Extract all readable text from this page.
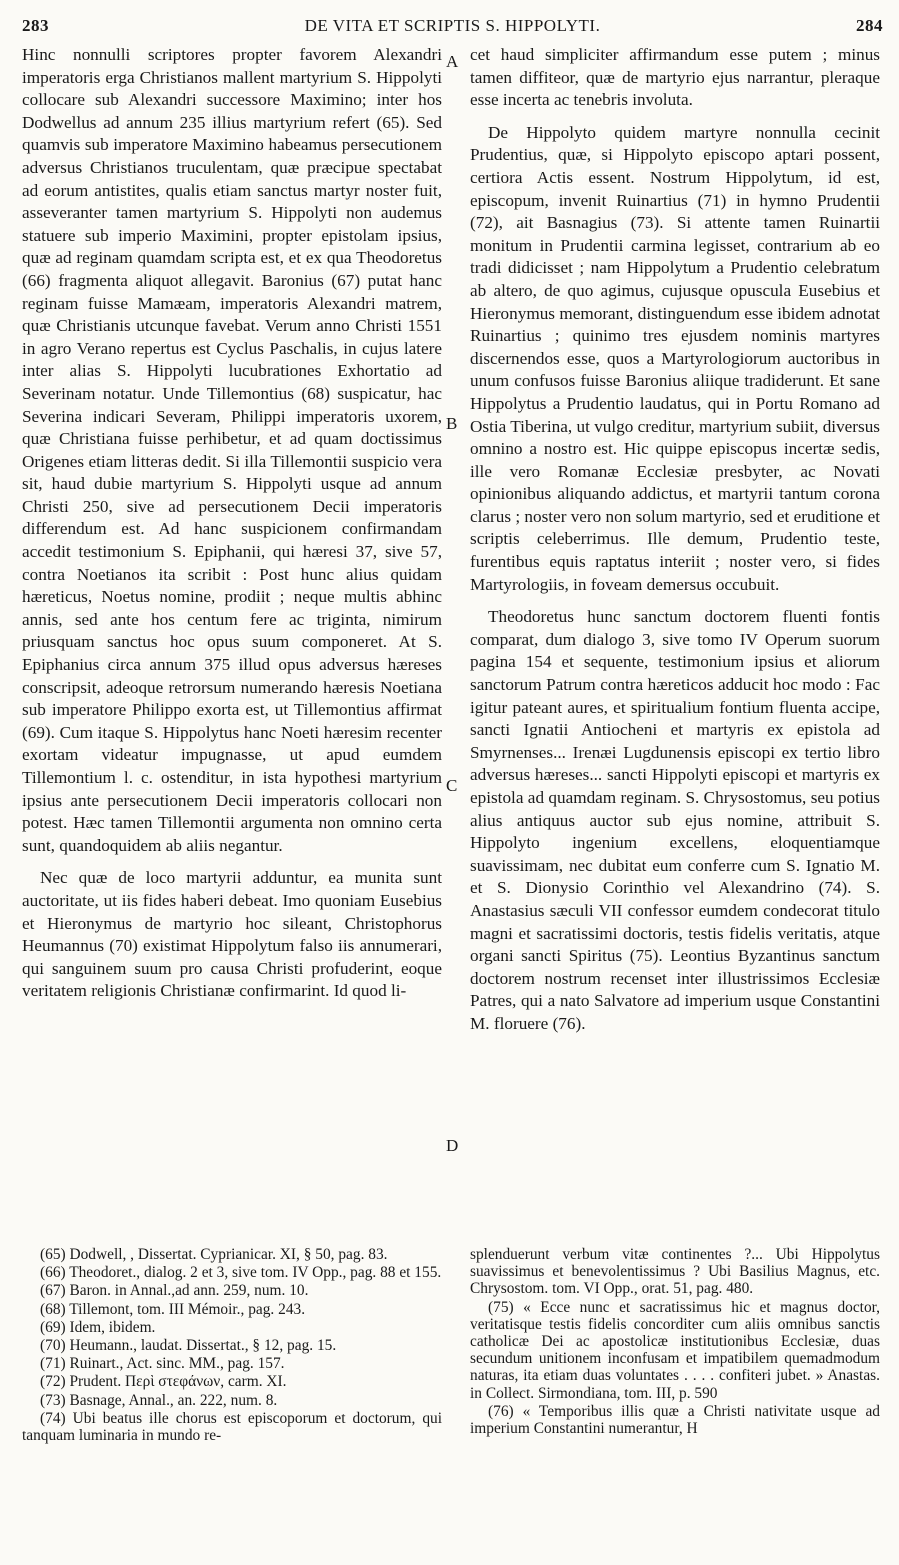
283	DE VITA ET SCRIPTIS S. HIPPOLYTI.	284

Hinc nonnulli scriptores propter favorem Alexandri imperatoris erga Christianos mallent martyrium S. Hippolyti collocare sub Alexandri successore Maximino; inter hos Dodwellus ad annum 235 illius martyrium refert (65). Sed quamvis sub imperatore Maximino habeamus persecutionem adversus Christianos truculentam, quæ præcipue spectabat ad eorum antistites, qualis etiam sanctus martyr noster fuit, asseveranter tamen martyrium S. Hippolyti non audemus statuere sub imperio Maximini, propter epistolam ipsius, quæ ad reginam quamdam scripta est, et ex qua Theodoretus (66) fragmenta aliquot allegavit. Baronius (67) putat hanc reginam fuisse Mamæam, imperatoris Alexandri matrem, quæ Christianis utcunque favebat. Verum anno Christi 1551 in agro Verano repertus est Cyclus Paschalis, in cujus latere inter alias S. Hippolyti lucubrationes Exhortatio ad Severinam notatur. Unde Tillemontius (68) suspicatur, hac Severina indicari Severam, Philippi imperatoris uxorem, quæ Christiana fuisse perhibetur, et ad quam doctissimus Origenes etiam litteras dedit. Si illa Tillemontii suspicio vera sit, haud dubie martyrium S. Hippolyti usque ad annum Christi 250, sive ad persecutionem Decii imperatoris differendum est. Ad hanc suspicionem confirmandam accedit testimonium S. Epiphanii, qui hæresi 37, sive 57, contra Noetianos ita scribit : Post hunc alius quidam hæreticus, Noetus nomine, prodiit ; neque multis abhinc annis, sed ante hos centum fere ac triginta, nimirum priusquam sanctus hoc opus suum componeret. At S. Epiphanius circa annum 375 illud opus adversus hæreses conscripsit, adeoque retrorsum numerando hæresis Noetiana sub imperatore Philippo exorta est, ut Tillemontius affirmat (69). Cum itaque S. Hippolytus hanc Noeti hæresim recenter exortam videatur impugnasse, ut apud eumdem Tillemontium l. c. ostenditur, in ista hypothesi martyrium ipsius ante persecutionem Decii imperatoris collocari non potest. Hæc tamen Tillemontii argumenta non omnino certa sunt, quandoquidem ab aliis negantur.

Nec quæ de loco martyrii adduntur, ea munita sunt auctoritate, ut iis fides haberi debeat. Imo quoniam Eusebius et Hieronymus de martyrio hoc sileant, Christophorus Heumannus (70) existimat Hippolytum falso iis annumerari, qui sanguinem suum pro causa Christi profuderint, eoque veritatem religionis Christianæ confirmarint. Id quod li-

cet haud simpliciter affirmandum esse putem ; minus tamen diffiteor, quæ de martyrio ejus narrantur, pleraque esse incerta ac tenebris involuta.

De Hippolyto quidem martyre nonnulla cecinit Prudentius, quæ, si Hippolyto episcopo aptari possent, certiora Actis essent. Nostrum Hippolytum, id est, episcopum, invenit Ruinartius (71) in hymno Prudentii (72), ait Basnagius (73). Si attente tamen Ruinartii monitum in Prudentii carmina legisset, contrarium ab eo tradi didicisset ; nam Hippolytum a Prudentio celebratum ab altero, de quo agimus, cujusque opuscula Eusebius et Hieronymus memorant, distinguendum esse ibidem adnotat Ruinartius ; quinimo tres ejusdem nominis martyres discernendos esse, quos a Martyrologiorum auctoribus in unum confusos fuisse Baronius aliique tradiderunt. Et sane Hippolytus a Prudentio laudatus, qui in Portu Romano ad Ostia Tiberina, ut vulgo creditur, martyrium subiit, diversus omnino a nostro est. Hic quippe episcopus incertæ sedis, ille vero Romanæ Ecclesiæ presbyter, ac Novati opinionibus aliquando addictus, et martyrii tantum corona clarus ; noster vero non solum martyrio, sed et eruditione et scriptis celeberrimus. Ille demum, Prudentio teste, furentibus equis raptatus interiit ; noster vero, si fides Martyrologiis, in foveam demersus occubuit.

Theodoretus hunc sanctum doctorem fluenti fontis comparat, dum dialogo 3, sive tomo IV Operum suorum pagina 154 et sequente, testimonium ipsius et aliorum sanctorum Patrum contra hæreticos adducit hoc modo : Fac igitur pateant aures, et spiritualium fontium fluenta accipe, sancti Ignatii Antiocheni et martyris ex epistola ad Smyrnenses... Irenæi Lugdunensis episcopi ex tertio libro adversus hæreses... sancti Hippolyti episcopi et martyris ex epistola ad quamdam reginam. S. Chrysostomus, seu potius alius antiquus auctor sub ejus nomine, attribuit S. Hippolyto ingenium excellens, eloquentiamque suavissimam, nec dubitat eum conferre cum S. Ignatio M. et S. Dionysio Corinthio vel Alexandrino (74). S. Anastasius sæculi VII confessor eumdem condecorat titulo magni et sacratissimi doctoris, testis fidelis veritatis, atque organi sancti Spiritus (75). Leontius Byzantinus sanctum doctorem nostrum recenset inter illustrissimos Ecclesiæ Patres, qui a nato Salvatore ad imperium usque Constantini M. floruere (76).

A
B
C
D

(65) Dodwell, , Dissertat. Cyprianicar. XI, § 50, pag. 83.

(66) Theodoret., dialog. 2 et 3, sive tom. IV Opp., pag. 88 et 155.

(67) Baron. in Annal.,ad ann. 259, num. 10.

(68) Tillemont, tom. III Mémoir., pag. 243.

(69) Idem, ibidem.

(70) Heumann., laudat. Dissertat., § 12, pag. 15.

(71) Ruinart., Act. sinc. MM., pag. 157.

(72) Prudent. Περὶ στεφάνων, carm. XI.

(73) Basnage, Annal., an. 222, num. 8.

(74) Ubi beatus ille chorus est episcoporum et doctorum, qui tanquam luminaria in mundo re-

splenduerunt verbum vitæ continentes ?... Ubi Hippolytus suavissimus et benevolentissimus ? Ubi Basilius Magnus, etc. Chrysostom. tom. VI Opp., orat. 51, pag. 480.

(75) « Ecce nunc et sacratissimus hic et magnus doctor, veritatisque testis fidelis concorditer cum aliis omnibus sanctis catholicæ Dei ac apostolicæ institutionibus Ecclesiæ, duas secundum unitionem inconfusam et impatibilem quemadmodum naturas, ita etiam duas voluntates . . . . confiteri jubet. » Anastas. in Collect. Sirmondiana, tom. III, p. 590

(76) « Temporibus illis quæ a Christi nativitate usque ad imperium Constantini numerantur, H
